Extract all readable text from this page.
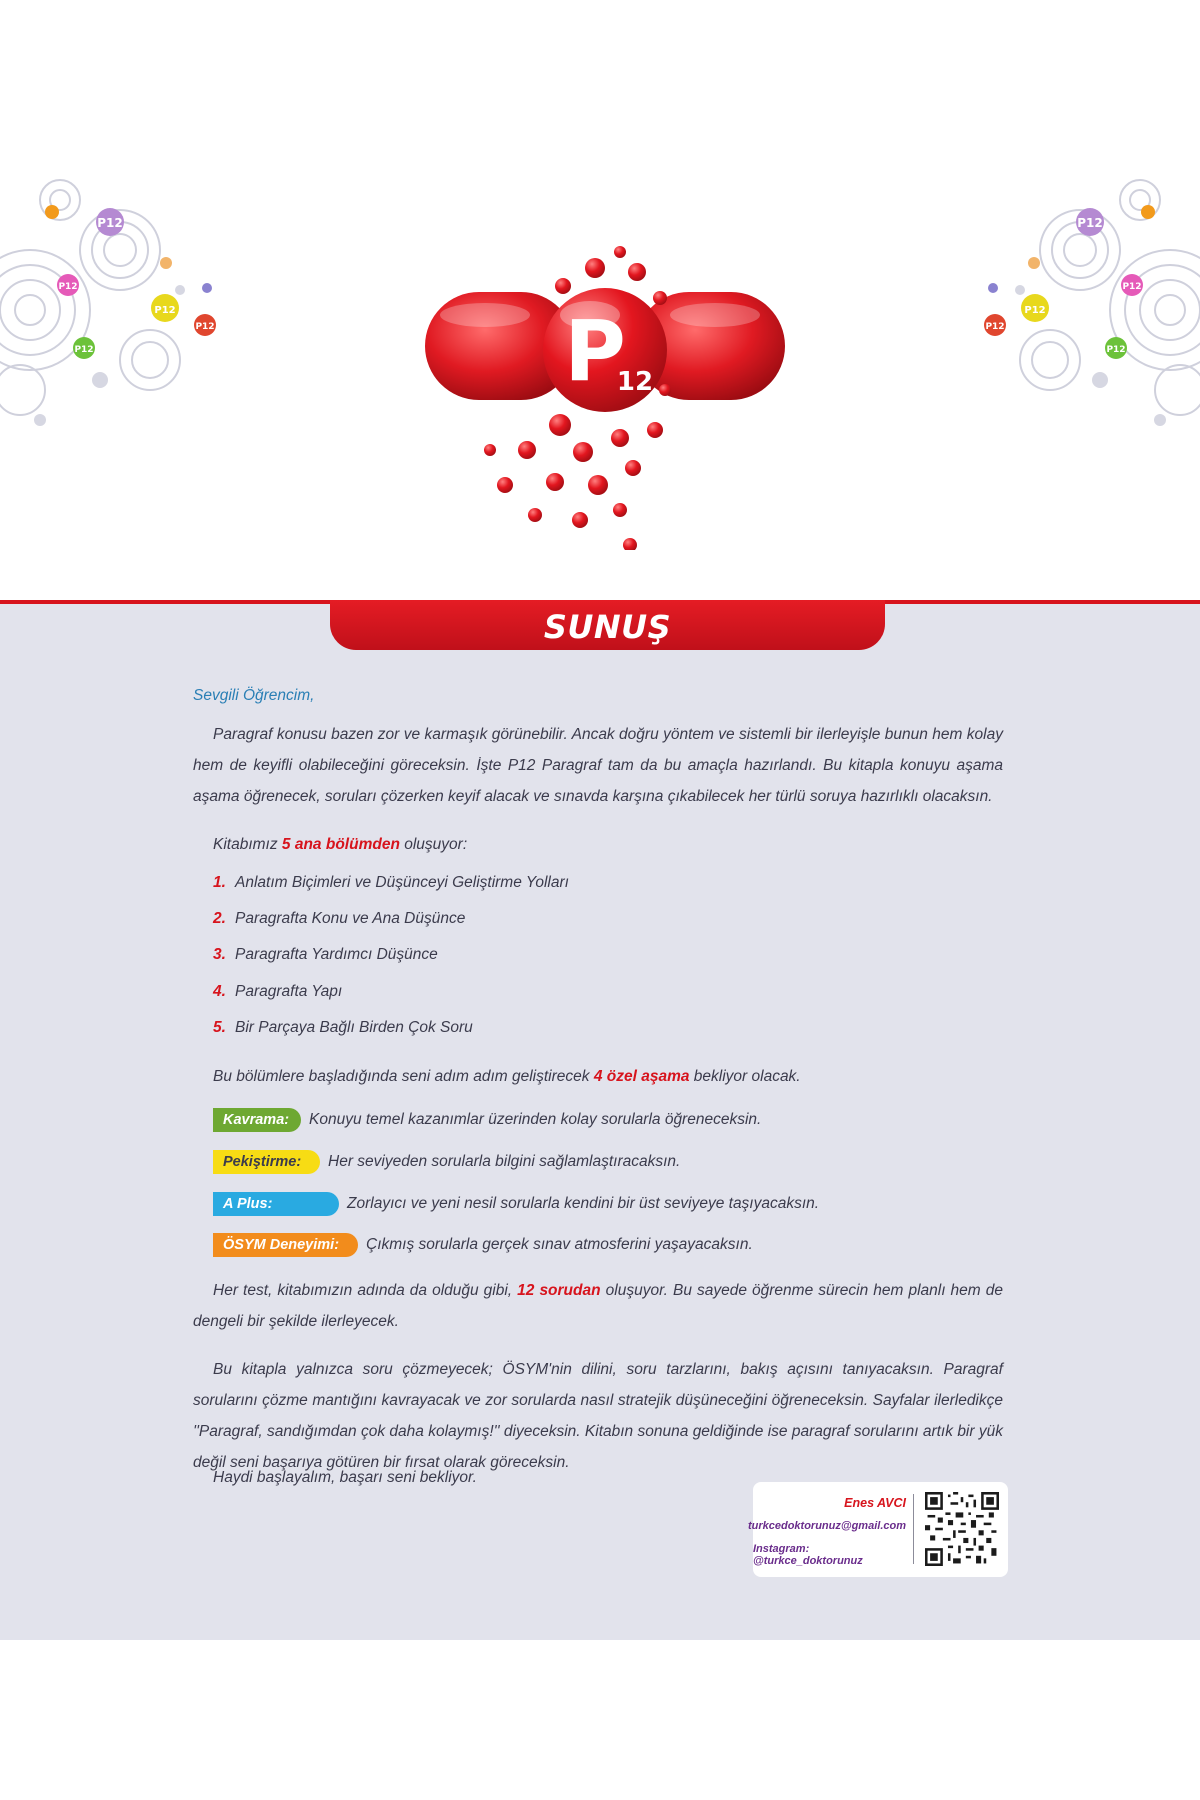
P12
P12
P12
P12
P12
P12
P12
P12
P12
P12
P
12
SUNUŞ
Sevgili Öğrencim,
Paragraf konusu bazen zor ve karmaşık görünebilir. Ancak doğru yöntem ve sistemli bir ilerleyişle bunun hem kolay hem de keyifli olabileceğini göreceksin. İşte P12 Paragraf tam da bu amaçla hazırlandı. Bu kitapla konuyu aşama aşama öğrenecek, soruları çözerken keyif alacak ve sınavda karşına çıkabilecek her türlü soruya hazırlıklı olacaksın.
Kitabımız 5 ana bölümden oluşuyor:
1. Anlatım Biçimleri ve Düşünceyi Geliştirme Yolları
2. Paragrafta Konu ve Ana Düşünce
3. Paragrafta Yardımcı Düşünce
4. Paragrafta Yapı
5. Bir Parçaya Bağlı Birden Çok Soru
Bu bölümlere başladığında seni adım adım geliştirecek 4 özel aşama bekliyor olacak.
Kavrama:	Konuyu temel kazanımlar üzerinden kolay sorularla öğreneceksin.
Pekiştirme:	Her seviyeden sorularla bilgini sağlamlaştıracaksın.
A Plus:	Zorlayıcı ve yeni nesil sorularla kendini bir üst seviyeye taşıyacaksın.
ÖSYM Deneyimi:	Çıkmış sorularla gerçek sınav atmosferini yaşayacaksın.
Her test, kitabımızın adında da olduğu gibi, 12 sorudan oluşuyor. Bu sayede öğrenme sürecin hem planlı hem de dengeli bir şekilde ilerleyecek.
Bu kitapla yalnızca soru çözmeyecek; ÖSYM'nin dilini, soru tarzlarını, bakış açısını tanıyacaksın. Paragraf sorularını çözme mantığını kavrayacak ve zor sorularda nasıl stratejik düşüneceğini öğreneceksin. Sayfalar ilerledikçe ''Paragraf, sandığımdan çok daha kolaymış!'' diyeceksin. Kitabın sonuna geldiğinde ise paragraf sorularını artık bir yük değil seni başarıya götüren bir fırsat olarak göreceksin.
Haydi başlayalım, başarı seni bekliyor.
Enes AVCI
turkcedoktorunuz@gmail.com
Instagram: @turkce_doktorunuz
